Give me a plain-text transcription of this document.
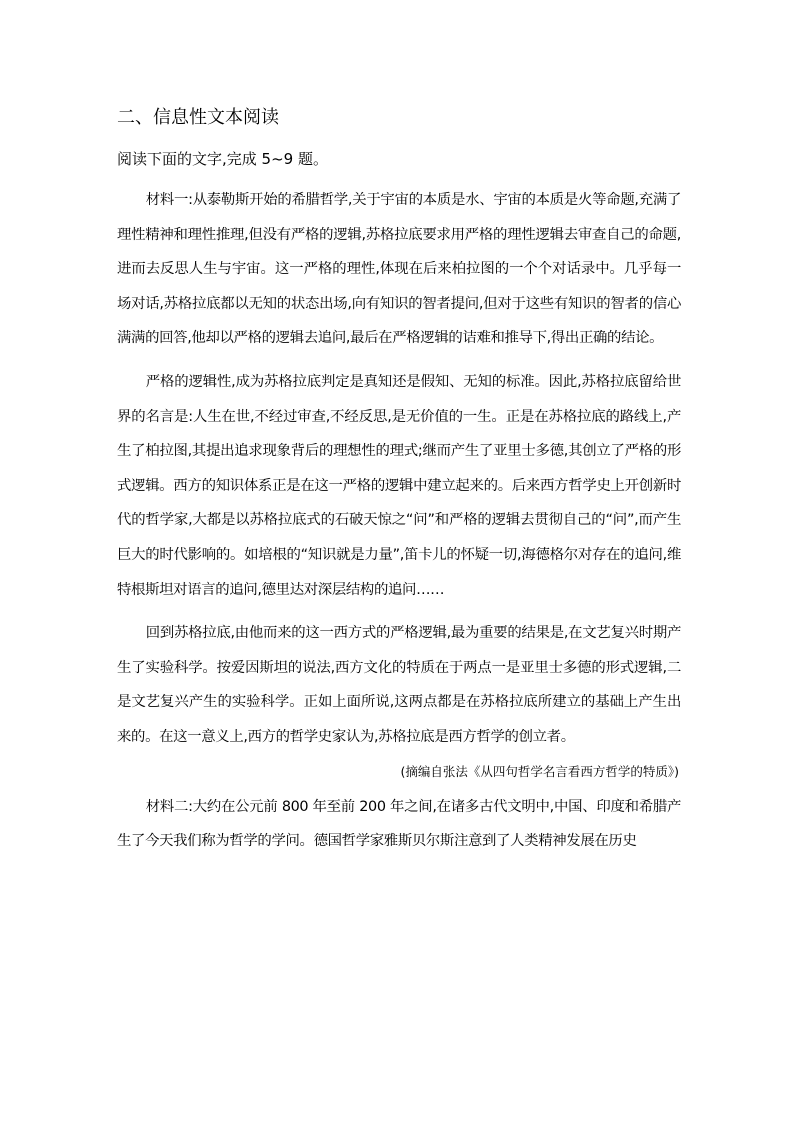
二、信息性文本阅读

阅读下面的文字,完成 5~9 题。

材料一:从泰勒斯开始的希腊哲学,关于宇宙的本质是水、宇宙的本质是火等命题,充满了理性精神和理性推理,但没有严格的逻辑,苏格拉底要求用严格的理性逻辑去审查自己的命题,进而去反思人生与宇宙。这一严格的理性,体现在后来柏拉图的一个个对话录中。几乎每一场对话,苏格拉底都以无知的状态出场,向有知识的智者提问,但对于这些有知识的智者的信心满满的回答,他却以严格的逻辑去追问,最后在严格逻辑的诘难和推导下,得出正确的结论。

严格的逻辑性,成为苏格拉底判定是真知还是假知、无知的标准。因此,苏格拉底留给世界的名言是:人生在世,不经过审查,不经反思,是无价值的一生。正是在苏格拉底的路线上,产生了柏拉图,其提出追求现象背后的理想性的理式;继而产生了亚里士多德,其创立了严格的形式逻辑。西方的知识体系正是在这一严格的逻辑中建立起来的。后来西方哲学史上开创新时代的哲学家,大都是以苏格拉底式的石破天惊之“问”和严格的逻辑去贯彻自己的“问”,而产生巨大的时代影响的。如培根的“知识就是力量”,笛卡儿的怀疑一切,海德格尔对存在的追问,维特根斯坦对语言的追问,德里达对深层结构的追问……

回到苏格拉底,由他而来的这一西方式的严格逻辑,最为重要的结果是,在文艺复兴时期产生了实验科学。按爱因斯坦的说法,西方文化的特质在于两点一是亚里士多德的形式逻辑,二是文艺复兴产生的实验科学。正如上面所说,这两点都是在苏格拉底所建立的基础上产生出来的。在这一意义上,西方的哲学史家认为,苏格拉底是西方哲学的创立者。

(摘编自张法《从四句哲学名言看西方哲学的特质》)

材料二:大约在公元前 800 年至前 200 年之间,在诸多古代文明中,中国、印度和希腊产生了今天我们称为哲学的学问。德国哲学家雅斯贝尔斯注意到了人类精神发展在历史
